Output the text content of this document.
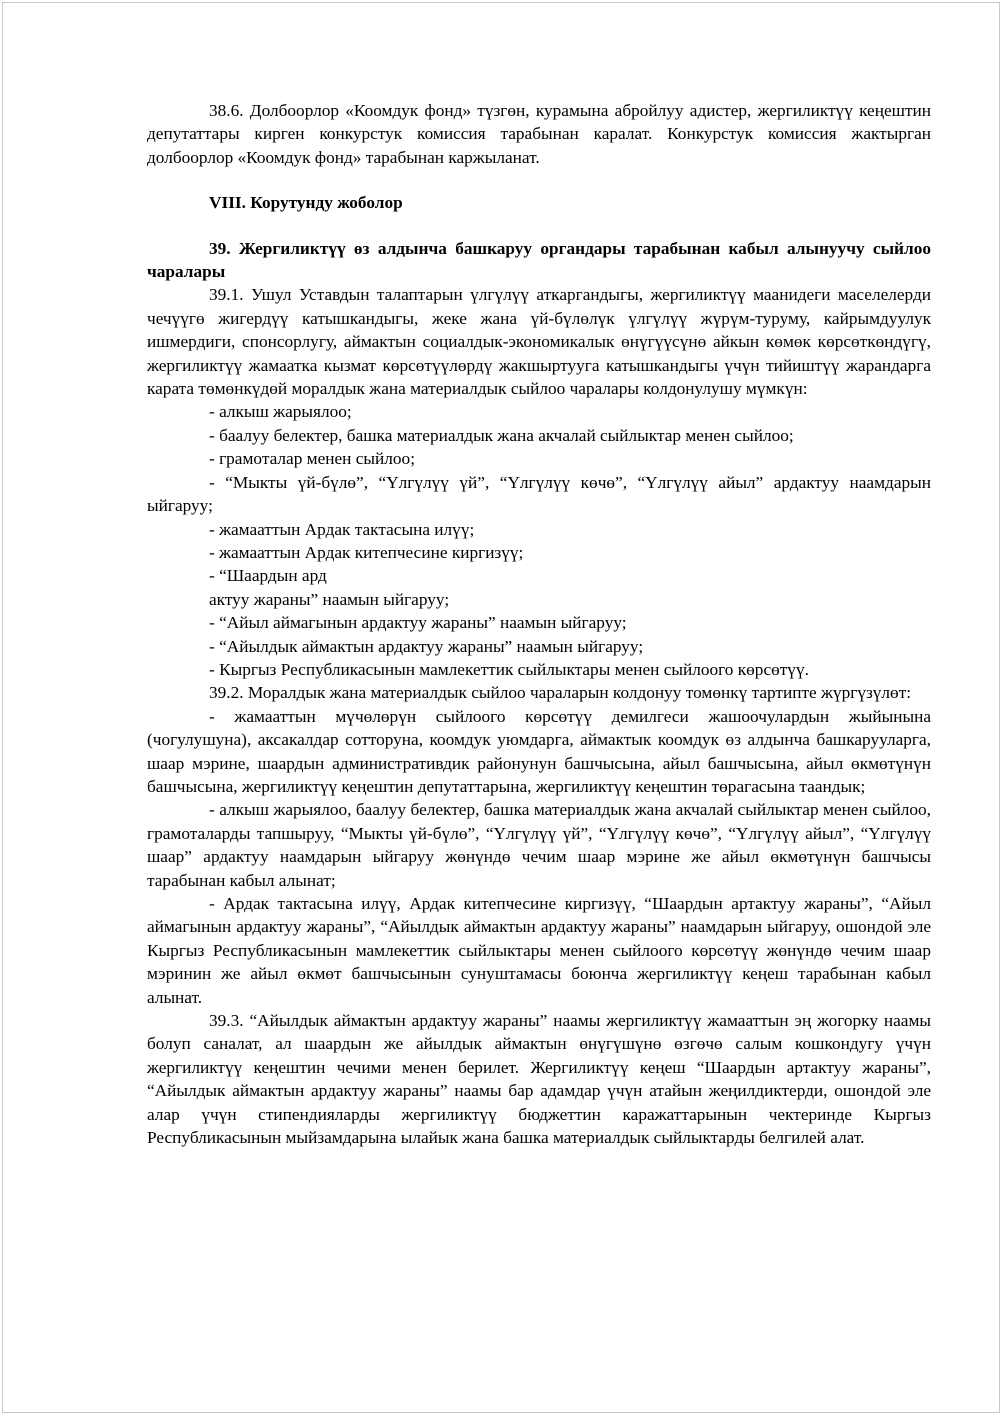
38.6. Долбоорлор «Коомдук фонд» түзгөн, курамына абройлуу адистер, жергиликтүү кеңештин депутаттары кирген конкурстук комиссия тарабынан каралат. Конкурстук комиссия жактырган долбоорлор «Коомдук фонд» тарабынан каржыланат.

VIII. Корутунду жоболор

39. Жергиликтүү өз алдынча башкаруу органдары тарабынан кабыл алынуучу сыйлоо чаралары

39.1. Ушул Уставдын талаптарын үлгүлүү аткаргандыгы, жергиликтүү маанидеги маселелерди чечүүгө жигердүү катышкандыгы, жеке жана үй-бүлөлүк үлгүлүү жүрүм-туруму, кайрымдуулук ишмердиги, спонсорлугу, аймактын социалдык-экономикалык өнүгүүсүнө айкын көмөк көрсөткөндүгү, жергиликтүү жамаатка кызмат көрсөтүүлөрдү жакшыртууга катышкандыгы үчүн тийиштүү жарандарга карата төмөнкүдөй моралдык жана материалдык сыйлоо чаралары колдонулушу мүмкүн:

- алкыш жарыялоо;

- баалуу белектер, башка материалдык жана акчалай сыйлыктар менен сыйлоо;

- грамоталар менен сыйлоо;

- “Мыкты үй-бүлө”, “Үлгүлүү үй”, “Үлгүлүү көчө”, “Үлгүлүү айыл” ардактуу наамдарын ыйгаруу;

- жамааттын Ардак тактасына илүү;

- жамааттын Ардак китепчесине киргизүү;

- “Шаардын ард

актуу жараны” наамын ыйгаруу;

- “Айыл аймагынын ардактуу жараны” наамын ыйгаруу;

- “Айылдык аймактын ардактуу жараны” наамын ыйгаруу;

- Кыргыз Республикасынын мамлекеттик сыйлыктары менен сыйлоого көрсөтүү.

39.2. Моралдык жана материалдык сыйлоо чараларын колдонуу томөнкү тартипте жүргүзүлөт:

- жамааттын мүчөлөрүн сыйлоого көрсөтүү демилгеси жашоочулардын жыйынына (чогулушуна), аксакалдар сотторуна, коомдук уюмдарга, аймактык коомдук өз алдынча башкарууларга, шаар мэрине, шаардын административдик районунун башчысына, айыл башчысына, айыл өкмөтүнүн башчысына, жергиликтүү кеңештин депутаттарына, жергиликтүү кеңештин төрагасына таандык;

- алкыш жарыялоо, баалуу белектер, башка материалдык жана акчалай сыйлыктар менен сыйлоо, грамоталарды тапшыруу, “Мыкты үй-бүлө”, “Үлгүлүү үй”, “Үлгүлүү көчө”, “Үлгүлүү айыл”, “Үлгүлүү шаар” ардактуу наамдарын ыйгаруу жөнүндө чечим шаар мэрине же айыл өкмөтүнүн башчысы тарабынан кабыл алынат;

- Ардак тактасына илүү, Ардак китепчесине киргизүү, “Шаардын артактуу жараны”, “Айыл аймагынын ардактуу жараны”, “Айылдык аймактын ардактуу жараны” наамдарын ыйгаруу, ошондой эле Кыргыз Республикасынын мамлекеттик сыйлыктары менен сыйлоого көрсөтүү жөнүндө чечим шаар мэринин же айыл өкмөт башчысынын сунуштамасы боюнча жергиликтүү кеңеш тарабынан кабыл алынат.

39.3. “Айылдык аймактын ардактуу жараны” наамы жергиликтүү жамааттын эң жогорку наамы болуп саналат, ал шаардын же айылдык аймактын өнүгүшүнө өзгөчө салым кошкондугу үчүн жергиликтүү кеңештин чечими менен берилет. Жергиликтүү кеңеш “Шаардын артактуу жараны”, “Айылдык аймактын ардактуу жараны” наамы бар адамдар үчүн атайын жеңилдиктерди, ошондой эле алар үчүн стипендияларды жергиликтүү бюджеттин каражаттарынын чектеринде Кыргыз Республикасынын мыйзамдарына ылайык жана башка материалдык сыйлыктарды белгилей алат.
